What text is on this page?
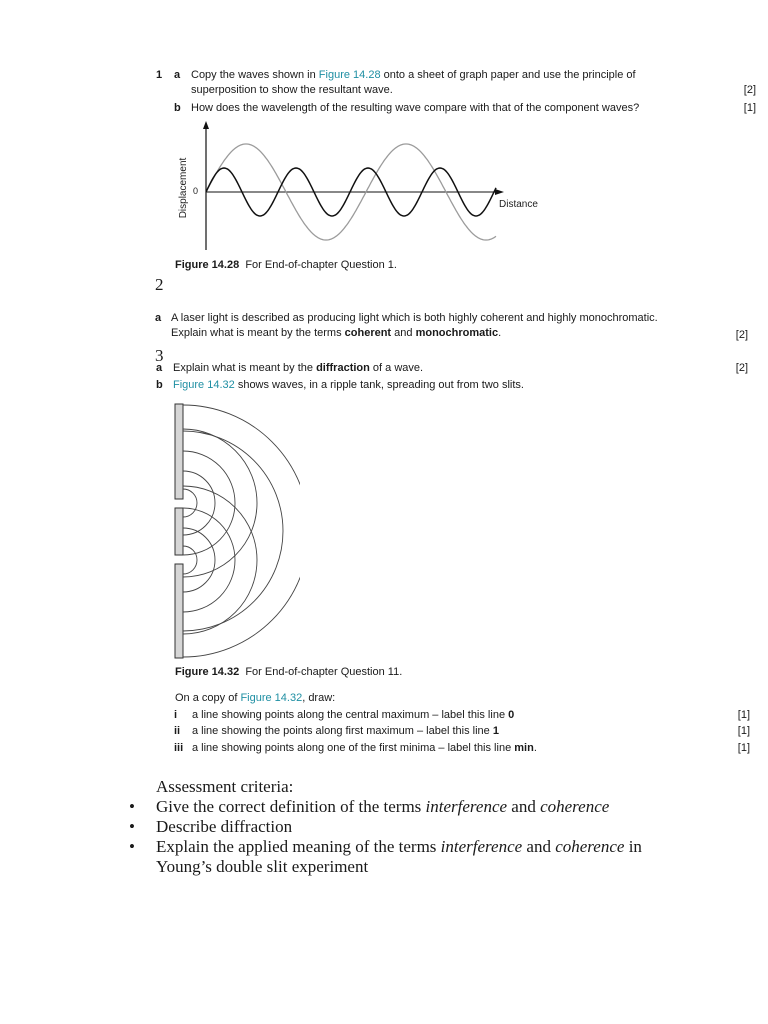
1 a Copy the waves shown in Figure 14.28 onto a sheet of graph paper and use the principle of
superposition to show the resultant wave.	[2]
b How does the wavelength of the resulting wave compare with that of the component waves?	[1]
0
Distance
Displacement
Figure 14.28 For End-of-chapter Question 1.
2
a A laser light is described as producing light which is both highly coherent and highly monochromatic.
Explain what is meant by the terms coherent and monochromatic.	[2]
3
a Explain what is meant by the diffraction of a wave.	[2]
b Figure 14.32 shows waves, in a ripple tank, spreading out from two slits.
Figure 14.32 For End-of-chapter Question 11.
On a copy of Figure 14.32, draw:
i a line showing points along the central maximum – label this line 0	[1]
ii a line showing the points along first maximum – label this line 1	[1]
iii a line showing points along one of the first minima – label this line min.	[1]
Assessment criteria:
• Give the correct definition of the terms interference and coherence
• Describe diffraction
• Explain the applied meaning of the terms interference and coherence in
Young’s double slit experiment
